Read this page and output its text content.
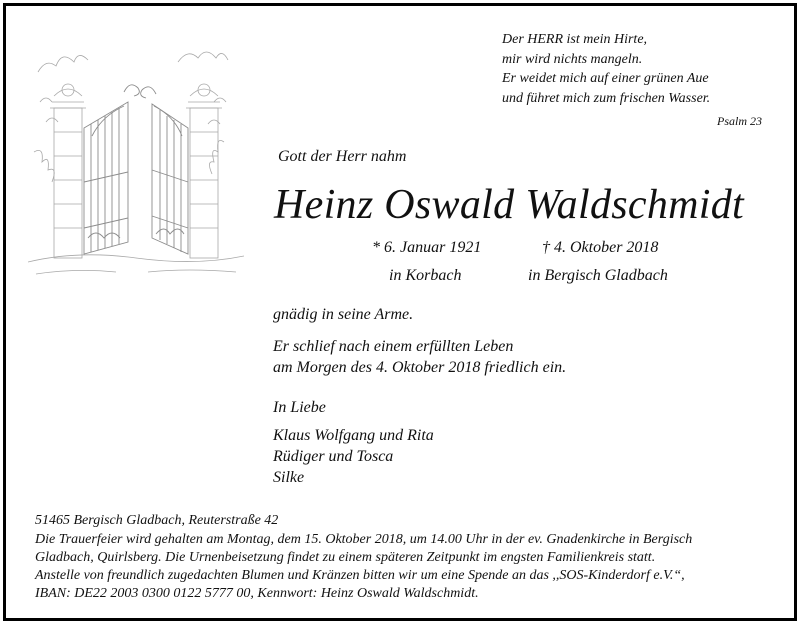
Der HERR ist mein Hirte,
mir wird nichts mangeln.
Er weidet mich auf einer grünen Aue
und führet mich zum frischen Wasser.
Psalm 23
Gott der Herr nahm
Heinz Oswald Waldschmidt
* 6. Januar 1921
in Korbach
† 4. Oktober 2018
in Bergisch Gladbach
gnädig in seine Arme.
Er schlief nach einem erfüllten Leben
am Morgen des 4. Oktober 2018 friedlich ein.
In Liebe
Klaus Wolfgang und Rita
Rüdiger und Tosca
Silke
51465 Bergisch Gladbach, Reuterstraße 42
Die Trauerfeier wird gehalten am Montag, dem 15. Oktober 2018, um 14.00 Uhr in der ev. Gnadenkirche in Bergisch
Gladbach, Quirlsberg. Die Urnenbeisetzung findet zu einem späteren Zeitpunkt im engsten Familienkreis statt.
Anstelle von freundlich zugedachten Blumen und Kränzen bitten wir um eine Spende an das ,,SOS-Kinderdorf e.V.“,
IBAN: DE22 2003 0300 0122 5777 00, Kennwort: Heinz Oswald Waldschmidt.
